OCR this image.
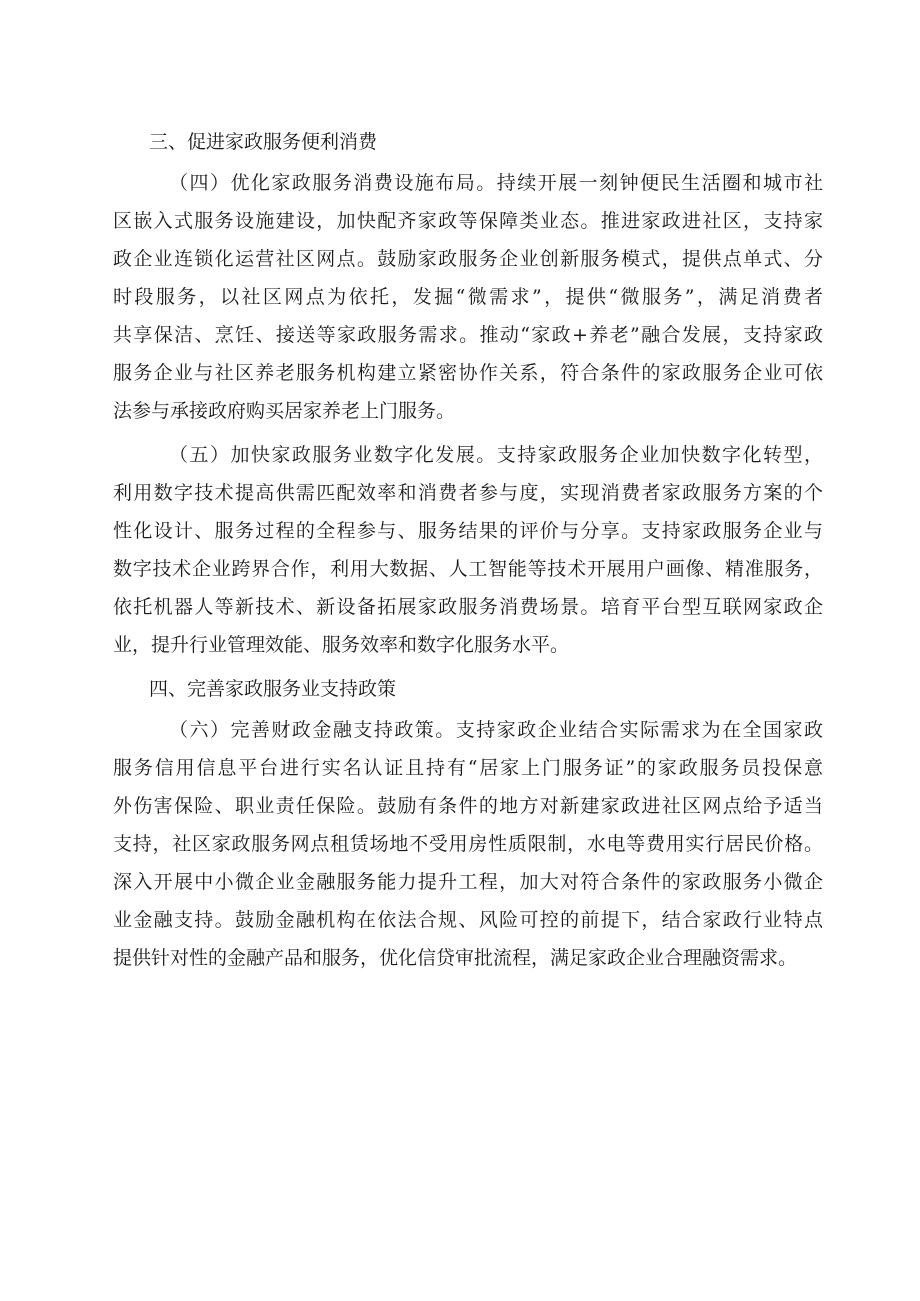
三、促进家政服务便利消费
（四）优化家政服务消费设施布局。持续开展一刻钟便民生活圈和城市社
区嵌入式服务设施建设，加快配齐家政等保障类业态。推进家政进社区，支持家
政企业连锁化运营社区网点。鼓励家政服务企业创新服务模式，提供点单式、分
时段服务，以社区网点为依托，发掘“微需求”，提供“微服务”，满足消费者
共享保洁、烹饪、接送等家政服务需求。推动“家政+养老”融合发展，支持家政
服务企业与社区养老服务机构建立紧密协作关系，符合条件的家政服务企业可依
法参与承接政府购买居家养老上门服务。
（五）加快家政服务业数字化发展。支持家政服务企业加快数字化转型，
利用数字技术提高供需匹配效率和消费者参与度，实现消费者家政服务方案的个
性化设计、服务过程的全程参与、服务结果的评价与分享。支持家政服务企业与
数字技术企业跨界合作，利用大数据、人工智能等技术开展用户画像、精准服务，
依托机器人等新技术、新设备拓展家政服务消费场景。培育平台型互联网家政企
业，提升行业管理效能、服务效率和数字化服务水平。
四、完善家政服务业支持政策
（六）完善财政金融支持政策。支持家政企业结合实际需求为在全国家政
服务信用信息平台进行实名认证且持有“居家上门服务证”的家政服务员投保意
外伤害保险、职业责任保险。鼓励有条件的地方对新建家政进社区网点给予适当
支持，社区家政服务网点租赁场地不受用房性质限制，水电等费用实行居民价格。
深入开展中小微企业金融服务能力提升工程，加大对符合条件的家政服务小微企
业金融支持。鼓励金融机构在依法合规、风险可控的前提下，结合家政行业特点
提供针对性的金融产品和服务，优化信贷审批流程，满足家政企业合理融资需求。
